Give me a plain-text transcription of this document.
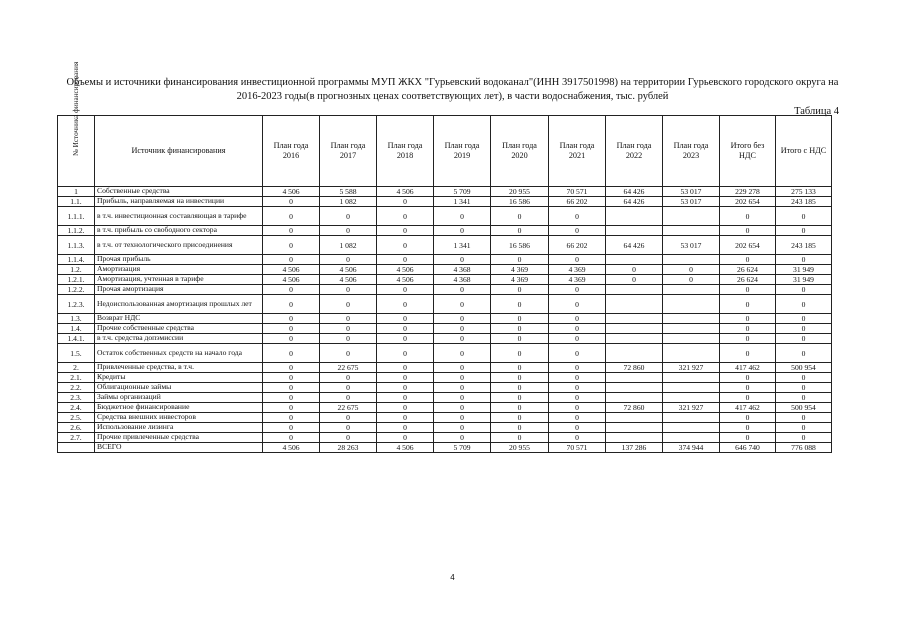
Объемы и источники финансирования инвестиционной программы МУП ЖКХ "Гурьевский водоканал"(ИНН 3917501998) на территории Гурьевского городского округа на
2016-2023 годы(в прогнозных ценах соответствующих лет), в части водоснабжения, тыс. рублей
Таблица 4
№ Источника финансирования	Источник финансирования	План года 2016	План года 2017	План года 2018	План года 2019	План года 2020	План года 2021	План года 2022	План года 2023	Итого без НДС	Итого с НДС
1	Собственные средства	4 506	5 588	4 506	5 709	20 955	70 571	64 426	53 017	229 278	275 133
1.1.	Прибыль, направляемая на инвестиции	0	1 082	0	1 341	16 586	66 202	64 426	53 017	202 654	243 185
1.1.1.	в т.ч. инвестиционная составляющая в тарифе	0	0	0	0	0	0			0	0
1.1.2.	в т.ч. прибыль со свободного сектора	0	0	0	0	0	0			0	0
1.1.3.	в т.ч. от технологического присоединения	0	1 082	0	1 341	16 586	66 202	64 426	53 017	202 654	243 185
1.1.4.	Прочая прибыль	0	0	0	0	0	0			0	0
1.2.	Амортизация	4 506	4 506	4 506	4 368	4 369	4 369	0	0	26 624	31 949
1.2.1.	Амортизация, учтенная в тарифе	4 506	4 506	4 506	4 368	4 369	4 369	0	0	26 624	31 949
1.2.2.	Прочая амортизация	0	0	0	0	0	0			0	0
1.2.3.	Недоиспользованная амортизация прошлых лет	0	0	0	0	0	0			0	0
1.3.	Возврат НДС	0	0	0	0	0	0			0	0
1.4.	Прочие собственные средства	0	0	0	0	0	0			0	0
1.4.1.	в т.ч. средства допэмиссии	0	0	0	0	0	0			0	0
1.5.	Остаток собственных средств на начало года	0	0	0	0	0	0			0	0
2.	Привлеченные средства, в т.ч.	0	22 675	0	0	0	0	72 860	321 927	417 462	500 954
2.1.	Кредиты	0	0	0	0	0	0			0	0
2.2.	Облигационные займы	0	0	0	0	0	0			0	0
2.3.	Займы организаций	0	0	0	0	0	0			0	0
2.4.	Бюджетное финансирование	0	22 675	0	0	0	0	72 860	321 927	417 462	500 954
2.5.	Средства внешних инвесторов	0	0	0	0	0	0			0	0
2.6.	Использование лизинга	0	0	0	0	0	0			0	0
2.7.	Прочие привлеченные средства	0	0	0	0	0	0			0	0
	ВСЕГО	4 506	28 263	4 506	5 709	20 955	70 571	137 286	374 944	646 740	776 088
4
